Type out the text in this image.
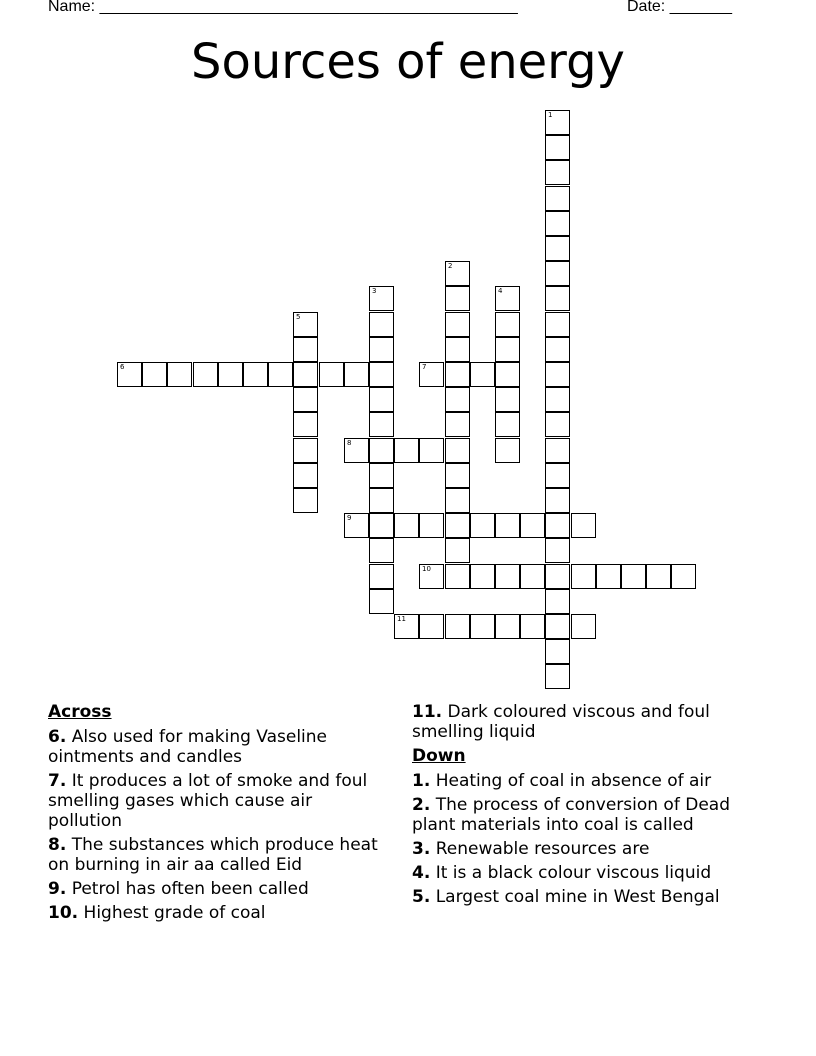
Name: _______________________________________________	Date: _______
Sources of energy
1
2
3	4
5
6	7
8
9
10
11
Across
6. Also used for making Vaseline ointments and candles
7. It produces a lot of smoke and foul smelling gases which cause air pollution
8. The substances which produce heat on burning in air aa called Eid
9. Petrol has often been called
10. Highest grade of coal
11. Dark coloured viscous and foul smelling liquid
Down
1. Heating of coal in absence of air
2. The process of conversion of Dead plant materials into coal is called
3. Renewable resources are
4. It is a black colour viscous liquid
5. Largest coal mine in West Bengal
